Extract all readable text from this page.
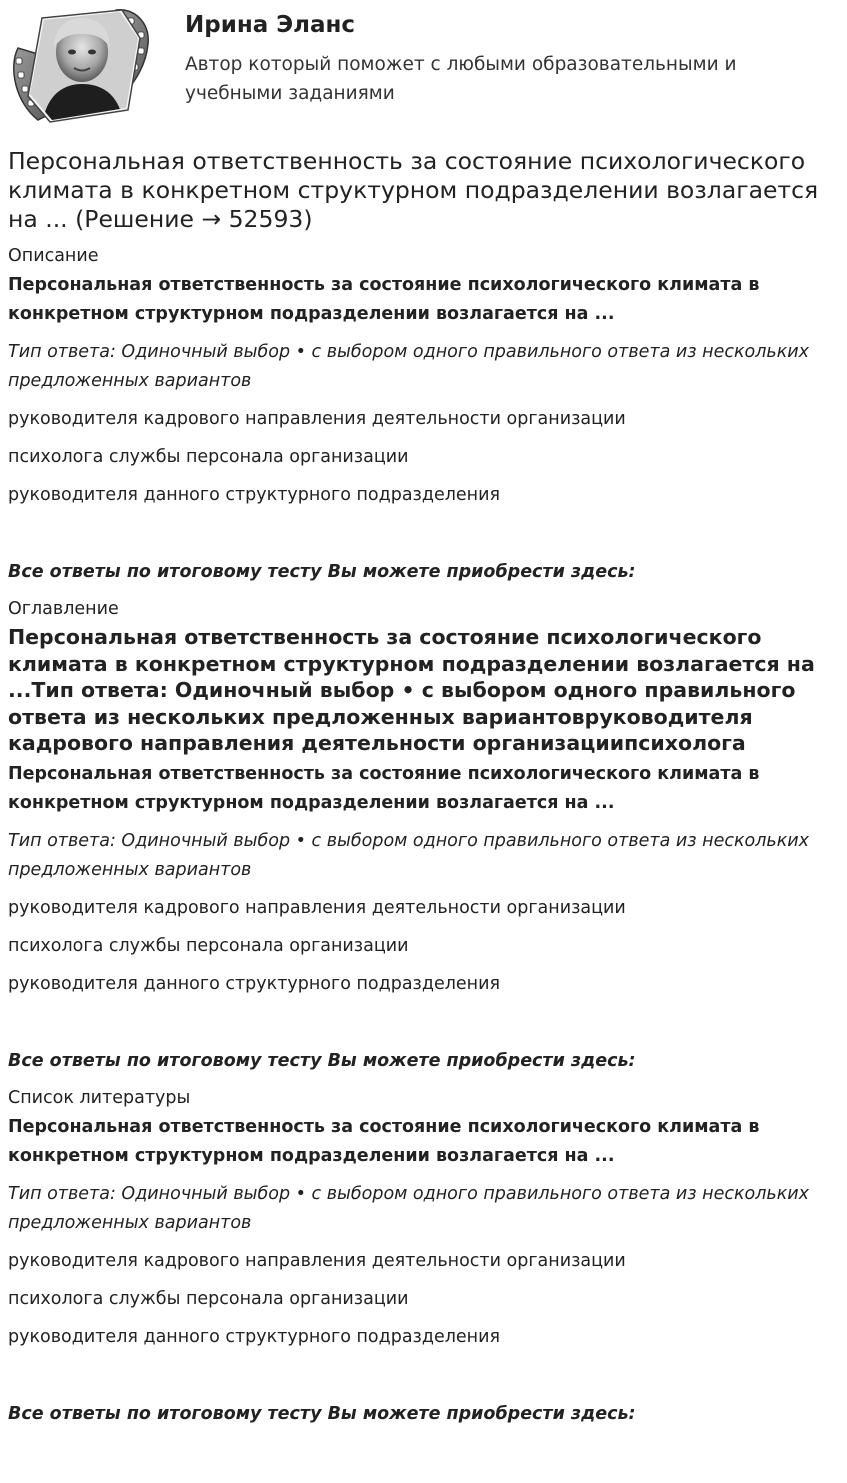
Ирина Эланс
Автор который поможет с любыми образовательными и учебными заданиями
Персональная ответственность за состояние психологического климата в конкретном структурном подразделении возлагается на ... (Решение → 52593)
Описание
Персональная ответственность за состояние психологического климата в конкретном структурном подразделении возлагается на ...
Тип ответа: Одиночный выбор • с выбором одного правильного ответа из нескольких предложенных вариантов
руководителя кадрового направления деятельности организации
психолога службы персонала организации
руководителя данного структурного подразделения
Все ответы по итоговому тесту Вы можете приобрести здесь:
Оглавление
Персональная ответственность за состояние психологического климата в конкретном структурном подразделении возлагается на ...Тип ответа: Одиночный выбор • с выбором одного правильного ответа из нескольких предложенных вариантоврyководителя кадрового направления деятельности организациипсихолога
Персональная ответственность за состояние психологического климата в конкретном структурном подразделении возлагается на ...
Тип ответа: Одиночный выбор • с выбором одного правильного ответа из нескольких предложенных вариантов
руководителя кадрового направления деятельности организации
психолога службы персонала организации
руководителя данного структурного подразделения
Все ответы по итоговому тесту Вы можете приобрести здесь:
Список литературы
Персональная ответственность за состояние психологического климата в конкретном структурном подразделении возлагается на ...
Тип ответа: Одиночный выбор • с выбором одного правильного ответа из нескольких предложенных вариантов
руководителя кадрового направления деятельности организации
психолога службы персонала организации
руководителя данного структурного подразделения
Все ответы по итоговому тесту Вы можете приобрести здесь:
